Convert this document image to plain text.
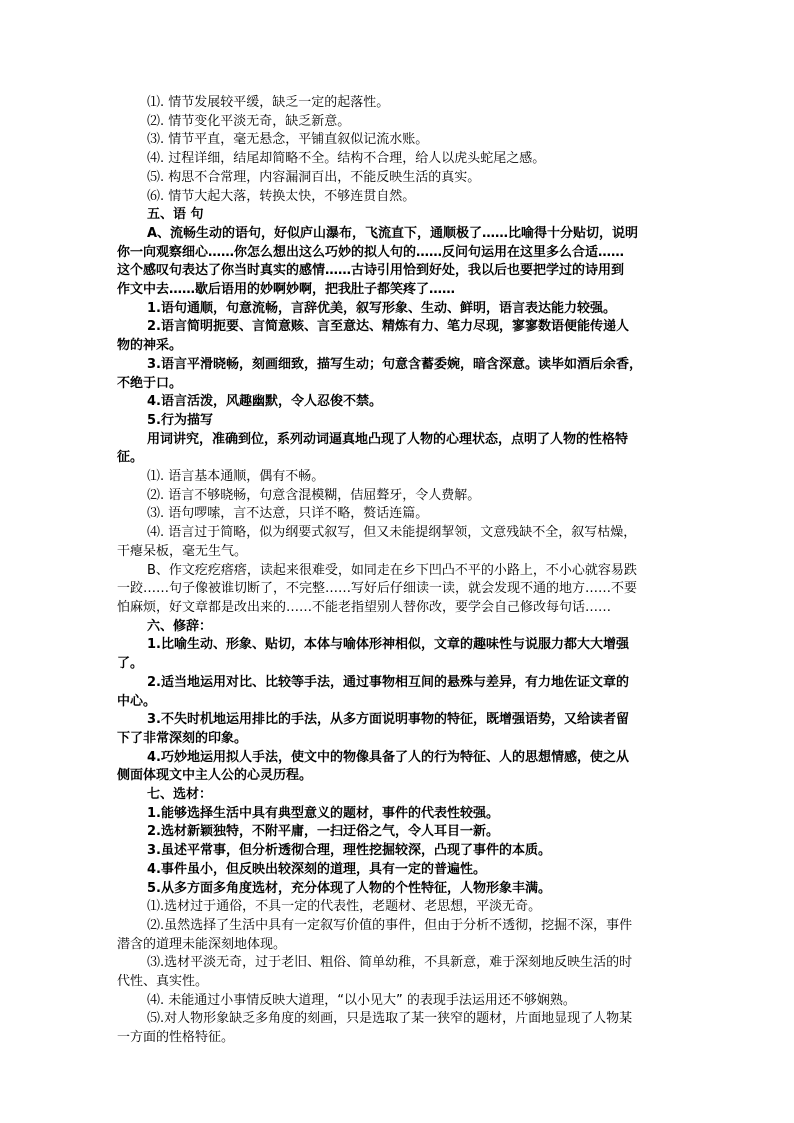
⑴. 情节发展较平缓，缺乏一定的起落性。

⑵. 情节变化平淡无奇，缺乏新意。

⑶. 情节平直，毫无悬念，平铺直叙似记流水账。

⑷. 过程详细，结尾却简略不全。结构不合理，给人以虎头蛇尾之感。

⑸. 构思不合常理，内容漏洞百出，不能反映生活的真实。

⑹. 情节大起大落，转换太快，不够连贯自然。

五、语 句

A、流畅生动的语句，好似庐山瀑布，飞流直下，通顺极了……比喻得十分贴切，说明

你一向观察细心……你怎么想出这么巧妙的拟人句的……反问句运用在这里多么合适……

这个感叹句表达了你当时真实的感情……古诗引用恰到好处，我以后也要把学过的诗用到

作文中去……歇后语用的妙啊妙啊，把我肚子都笑疼了……

1.语句通顺，句意流畅，言辞优美，叙写形象、生动、鲜明，语言表达能力较强。

2.语言简明扼要、言简意赅、言至意达、精炼有力、笔力尽现，寥寥数语便能传递人

物的神采。

3.语言平滑晓畅，刻画细致，描写生动；句意含蓄委婉，暗含深意。读毕如酒后余香，

不绝于口。

4.语言活泼，风趣幽默，令人忍俊不禁。

5.行为描写

用词讲究，准确到位，系列动词逼真地凸现了人物的心理状态，点明了人物的性格特

征。

⑴. 语言基本通顺，偶有不畅。

⑵. 语言不够晓畅，句意含混模糊，佶屈聱牙，令人费解。

⑶. 语句啰嗦，言不达意，只详不略，赘话连篇。

⑷. 语言过于简略，似为纲要式叙写，但又未能提纲挈领，文意残缺不全，叙写枯燥，

干瘪呆板，毫无生气。

B、作文疙疙瘩瘩，读起来很难受，如同走在乡下凹凸不平的小路上，不小心就容易跌

一跤……句子像被谁切断了，不完整……写好后仔细读一读，就会发现不通的地方……不要

怕麻烦，好文章都是改出来的……不能老指望别人替你改，要学会自己修改每句话……

六、修辞：

1.比喻生动、形象、贴切，本体与喻体形神相似，文章的趣味性与说服力都大大增强

了。

2.适当地运用对比、比较等手法，通过事物相互间的悬殊与差异，有力地佐证文章的

中心。

3.不失时机地运用排比的手法，从多方面说明事物的特征，既增强语势，又给读者留

下了非常深刻的印象。

4.巧妙地运用拟人手法，使文中的物像具备了人的行为特征、人的思想情感，使之从

侧面体现文中主人公的心灵历程。

七、选材：

1.能够选择生活中具有典型意义的题材，事件的代表性较强。

2.选材新颖独特，不附平庸，一扫迂俗之气，令人耳目一新。

3.虽述平常事，但分析透彻合理，理性挖掘较深，凸现了事件的本质。

4.事件虽小，但反映出较深刻的道理，具有一定的普遍性。

5.从多方面多角度选材，充分体现了人物的个性特征，人物形象丰满。

⑴.选材过于通俗，不具一定的代表性，老题材、老思想，平淡无奇。

⑵.虽然选择了生活中具有一定叙写价值的事件，但由于分析不透彻，挖掘不深，事件

潜含的道理未能深刻地体现。

⑶.选材平淡无奇，过于老旧、粗俗、简单幼稚，不具新意，难于深刻地反映生活的时

代性、真实性。

⑷. 未能通过小事情反映大道理，“以小见大” 的表现手法运用还不够娴熟。

⑸.对人物形象缺乏多角度的刻画，只是选取了某一狭窄的题材，片面地显现了人物某

一方面的性格特征。
